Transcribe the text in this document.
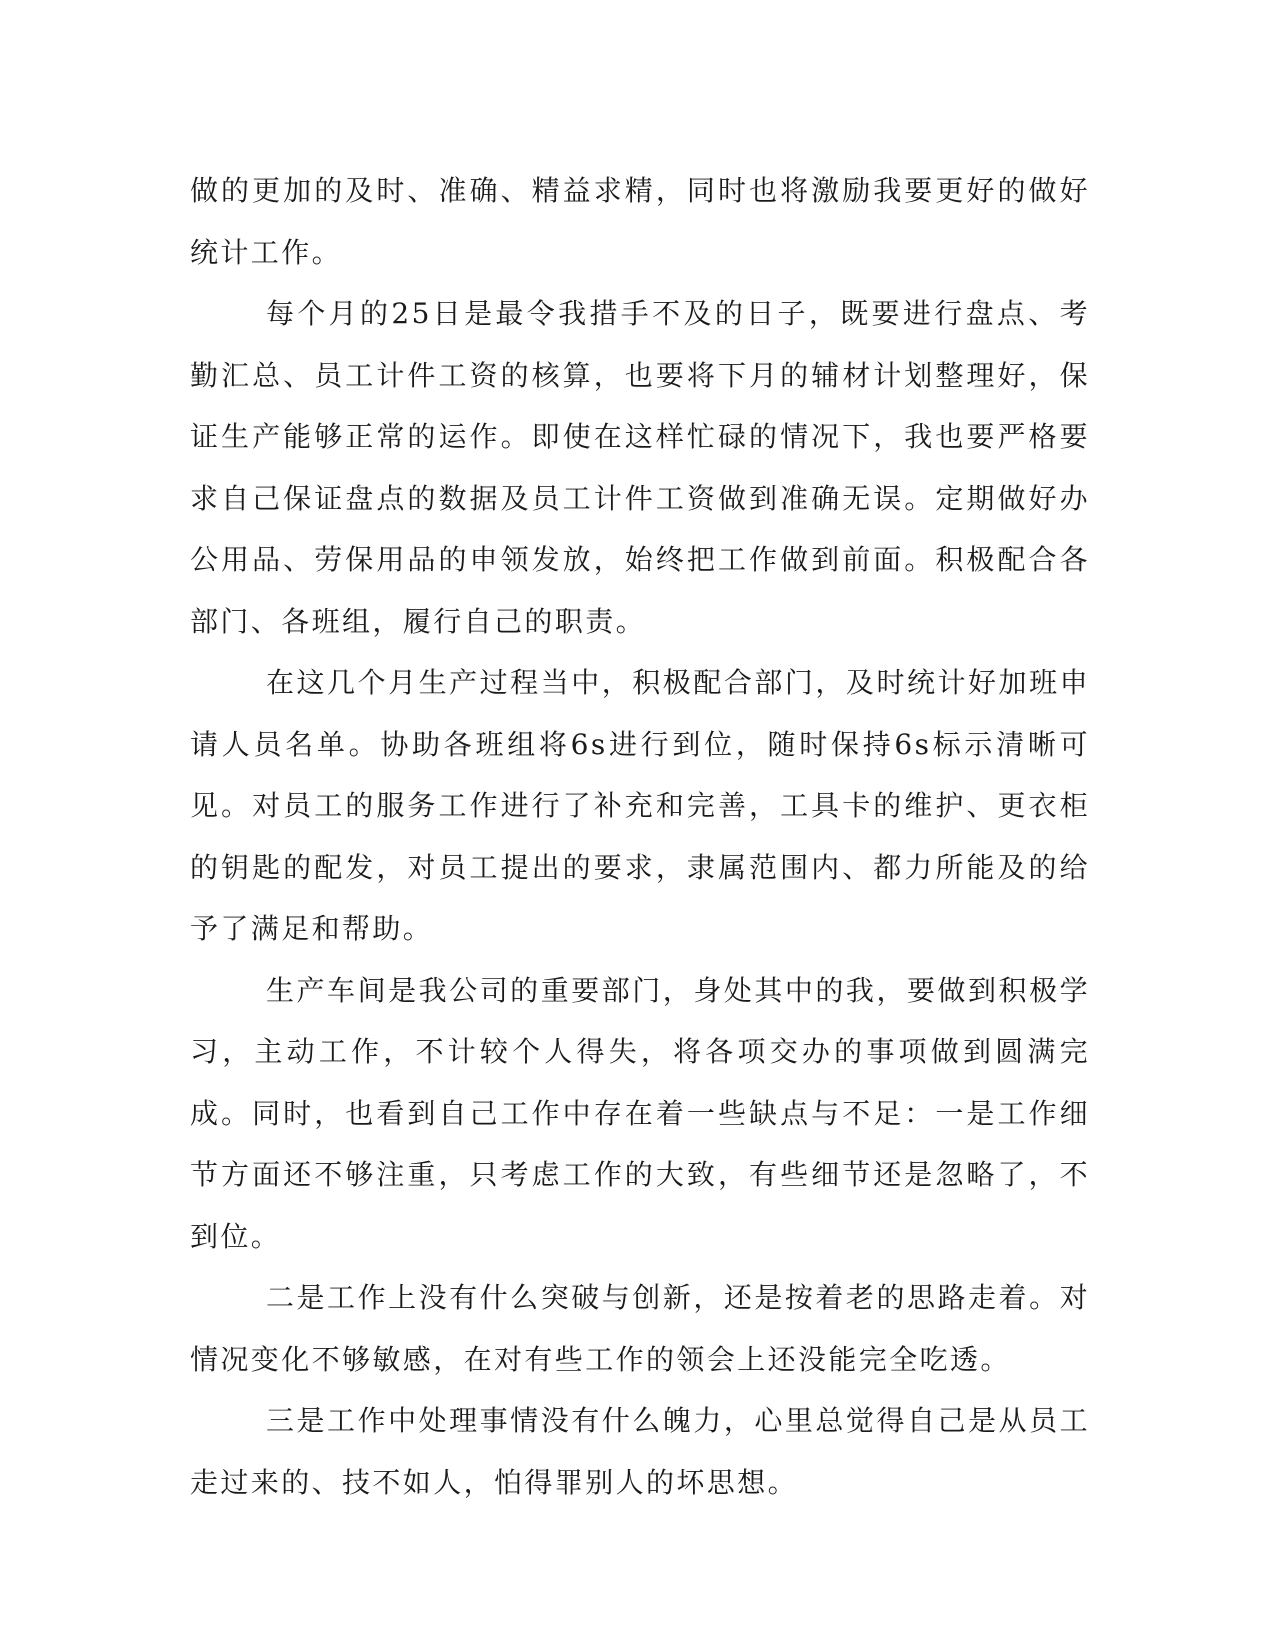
做的更加的及时、准确、精益求精，同时也将激励我要更好的做好统计工作。

每个月的25日是最令我措手不及的日子，既要进行盘点、考勤汇总、员工计件工资的核算，也要将下月的辅材计划整理好，保证生产能够正常的运作。即使在这样忙碌的情况下，我也要严格要求自己保证盘点的数据及员工计件工资做到准确无误。定期做好办公用品、劳保用品的申领发放，始终把工作做到前面。积极配合各部门、各班组，履行自己的职责。

在这几个月生产过程当中，积极配合部门，及时统计好加班申请人员名单。协助各班组将6s进行到位，随时保持6s标示清晰可见。对员工的服务工作进行了补充和完善，工具卡的维护、更衣柜的钥匙的配发，对员工提出的要求，隶属范围内、都力所能及的给予了满足和帮助。

生产车间是我公司的重要部门，身处其中的我，要做到积极学习，主动工作，不计较个人得失，将各项交办的事项做到圆满完成。同时，也看到自己工作中存在着一些缺点与不足：一是工作细节方面还不够注重，只考虑工作的大致，有些细节还是忽略了，不到位。

二是工作上没有什么突破与创新，还是按着老的思路走着。对情况变化不够敏感，在对有些工作的领会上还没能完全吃透。

三是工作中处理事情没有什么魄力，心里总觉得自己是从员工走过来的、技不如人，怕得罪别人的坏思想。
